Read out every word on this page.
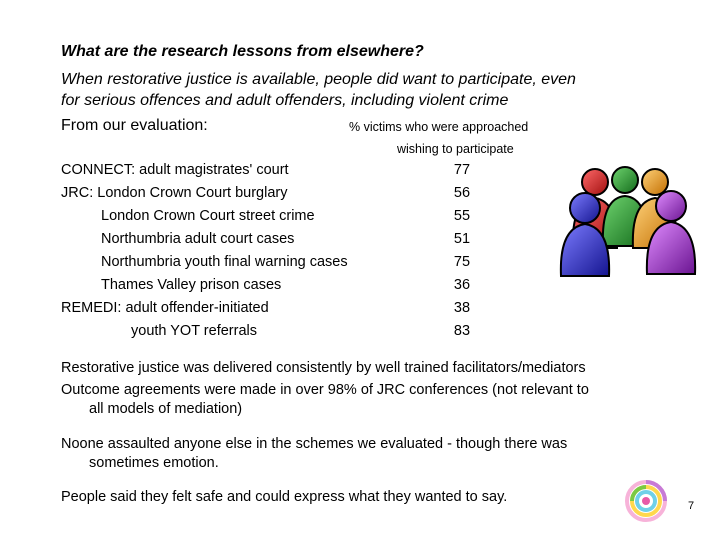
What are the research lessons from elsewhere?
When restorative justice is available, people did want to participate, even
for serious offences and adult offenders, including violent crime
From our evaluation:	% victims who were approached
wishing to participate
CONNECT: adult magistrates' court	77
JRC: London Crown Court burglary	56
London Crown Court street crime	55
Northumbria adult court cases	51
Northumbria youth final warning cases	75
Thames Valley prison cases	36
REMEDI: adult offender-initiated	38
youth YOT referrals	83
Restorative justice was delivered consistently by well trained facilitators/mediators
Outcome agreements were made in over 98% of JRC conferences (not relevant to
all models of mediation)
Noone assaulted anyone else in the schemes we evaluated - though there was
sometimes emotion.
People said they felt safe and could express what they wanted to say.
7
